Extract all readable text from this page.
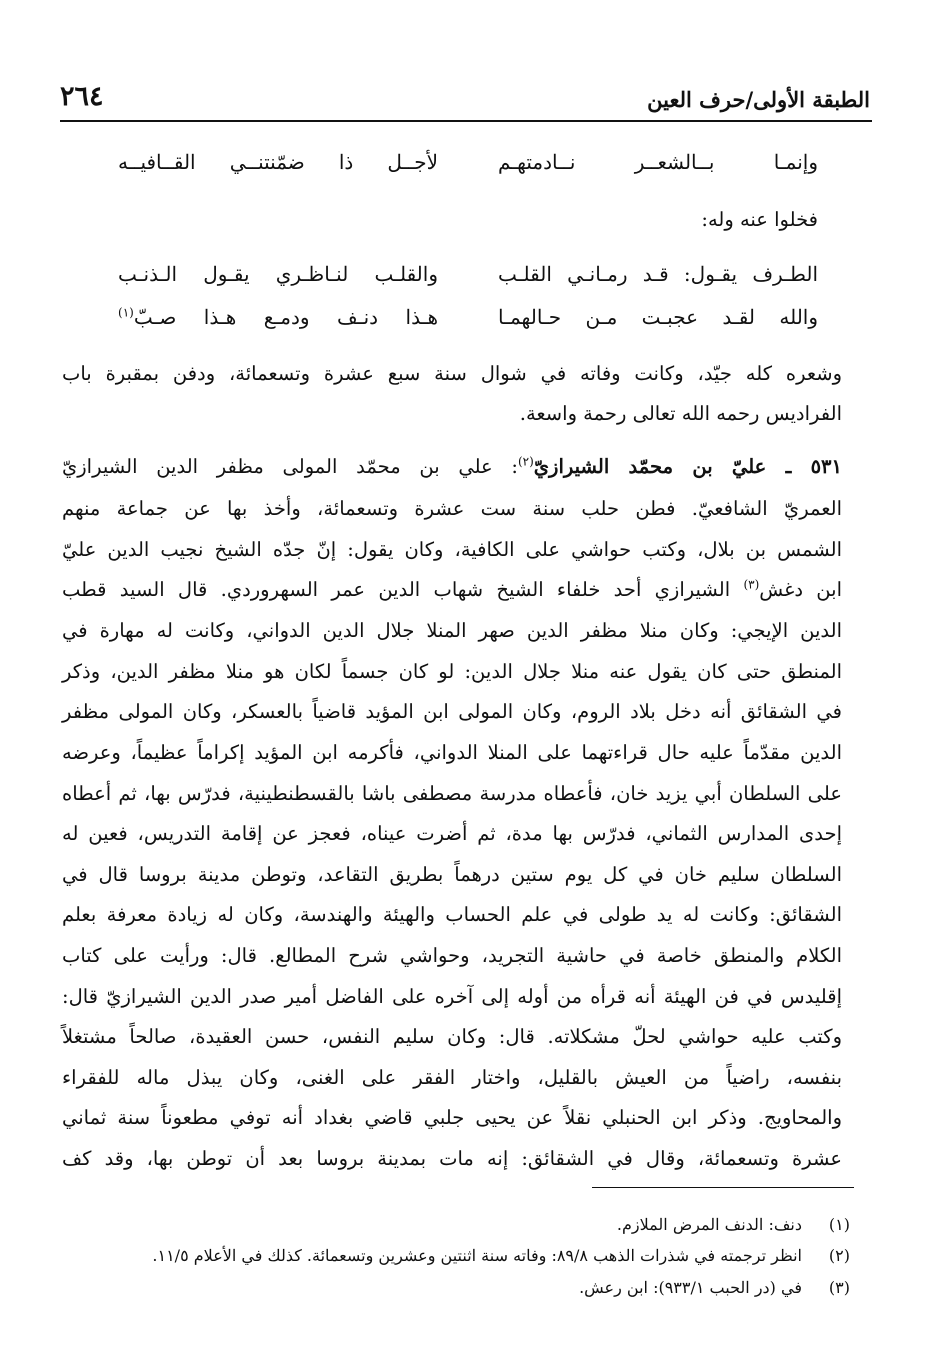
الطبقة الأولى/حرف العين
٢٦٤
وإنمـا بــالشعــر نــادمتهـم
لأجــل ذا ضمّنتنــي القــافيــه
فخلوا عنه وله:
الطـرف يقـول: قـد رمـانـي القلـب
والقلـب لنـاظـري يقـول الـذنـب
والله لقـد عجبـت مـن حـالهمـا
هـذا دنـف ودمـع هـذا صـبّ$^{(١)}$
وشعره كله جيّد، وكانت وفاته في شوال سنة سبع عشرة وتسعمائة، ودفن بمقبرة باب
الفراديس رحمه الله تعالى رحمة واسعة.
٥٣١ ـ عليّ بن محمّد الشيرازيّ$^{(٢)}$: علي بن محمّد المولى مظفر الدين الشيرازيّ
العمريّ الشافعيّ. فطن حلب سنة ست عشرة وتسعمائة، وأخذ بها عن جماعة منهم
الشمس بن بلال، وكتب حواشي على الكافية، وكان يقول: إنّ جدّه الشيخ نجيب الدين عليّ
ابن دغش$^{(٣)}$ الشيرازي أحد خلفاء الشيخ شهاب الدين عمر السهروردي. قال السيد قطب
الدين الإيجي: وكان منلا مظفر الدين صهر المنلا جلال الدين الدواني، وكانت له مهارة في
المنطق حتى كان يقول عنه منلا جلال الدين: لو كان جسماً لكان هو منلا مظفر الدين، وذكر
في الشقائق أنه دخل بلاد الروم، وكان المولى ابن المؤيد قاضياً بالعسكر، وكان المولى مظفر
الدين مقدّماً عليه حال قراءتهما على المنلا الدواني، فأكرمه ابن المؤيد إكراماً عظيماً، وعرضه
على السلطان أبي يزيد خان، فأعطاه مدرسة مصطفى باشا بالقسطنطينية، فدرّس بها، ثم أعطاه
إحدى المدارس الثماني، فدرّس بها مدة، ثم أضرت عيناه، فعجز عن إقامة التدريس، فعين له
السلطان سليم خان في كل يوم ستين درهماً بطريق التقاعد، وتوطن مدينة بروسا قال في
الشقائق: وكانت له يد طولى في علم الحساب والهيئة والهندسة، وكان له زيادة معرفة بعلم
الكلام والمنطق خاصة في حاشية التجريد، وحواشي شرح المطالع. قال: ورأيت على كتاب
إقليدس في فن الهيئة أنه قرأه من أوله إلى آخره على الفاضل أمير صدر الدين الشيرازيّ قال:
وكتب عليه حواشي لحلّ مشكلاته. قال: وكان سليم النفس، حسن العقيدة، صالحاً مشتغلاً
بنفسه، راضياً من العيش بالقليل، واختار الفقر على الغنى، وكان يبذل ماله للفقراء
والمحاويج. وذكر ابن الحنبلي نقلاً عن يحيى جلبي قاضي بغداد أنه توفي مطعوناً سنة ثماني
عشرة وتسعمائة، وقال في الشقائق: إنه مات بمدينة بروسا بعد أن توطن بها، وقد كف
(١)
دنف: الدنف المرض الملازم.
(٢)
انظر ترجمته في شذرات الذهب ٨٩/٨: وفاته سنة اثنتين وعشرين وتسعمائة. كذلك في الأعلام ١١/٥.
(٣)
في (در الحبب ٩٣٣/١): ابن رعش.
